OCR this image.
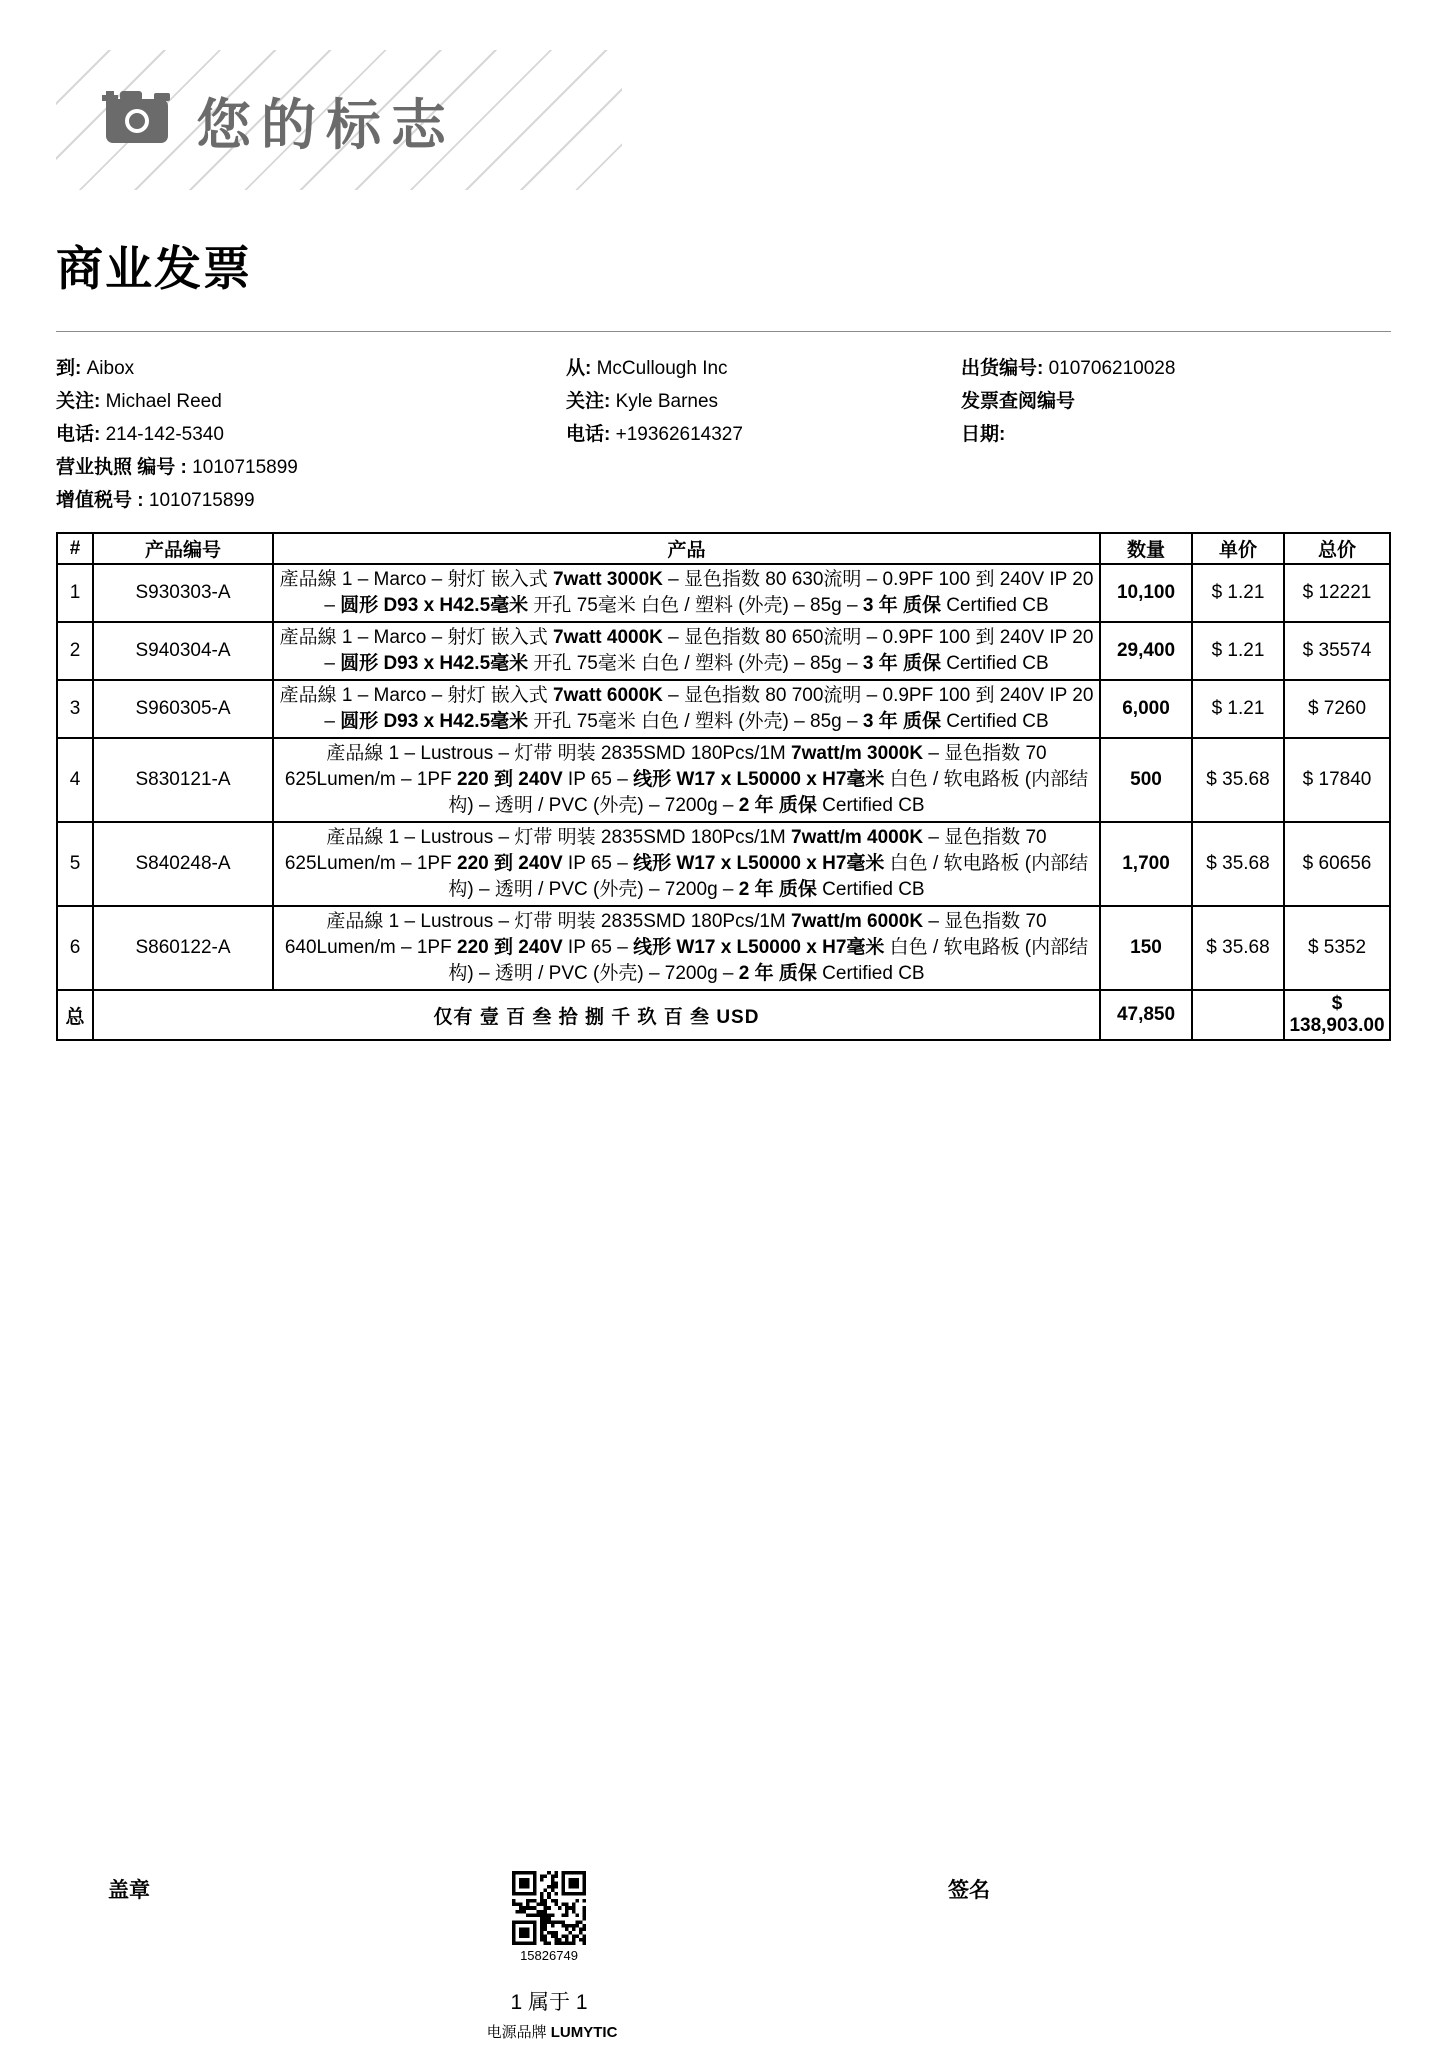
您的标志
商业发票
到: Aibox
关注: Michael Reed
电话: 214-142-5340
营业执照 编号 : 1010715899
增值税号 : 1010715899
从: McCullough Inc
关注: Kyle Barnes
电话: +19362614327
出货编号: 010706210028
发票查阅编号
日期:
#	产品编号	产品	数量	单价	总价
1	S930303-A	產品線 1 – Marco – 射灯 嵌入式 7watt 3000K – 显色指数 80 630流明 – 0.9PF 100 到 240V IP 20 – 圆形 D93 x H42.5毫米 开孔 75毫米 白色 / 塑料 (外壳) – 85g – 3 年 质保 Certified CB	10,100	$ 1.21	$ 12221
2	S940304-A	產品線 1 – Marco – 射灯 嵌入式 7watt 4000K – 显色指数 80 650流明 – 0.9PF 100 到 240V IP 20 – 圆形 D93 x H42.5毫米 开孔 75毫米 白色 / 塑料 (外壳) – 85g – 3 年 质保 Certified CB	29,400	$ 1.21	$ 35574
3	S960305-A	產品線 1 – Marco – 射灯 嵌入式 7watt 6000K – 显色指数 80 700流明 – 0.9PF 100 到 240V IP 20 – 圆形 D93 x H42.5毫米 开孔 75毫米 白色 / 塑料 (外壳) – 85g – 3 年 质保 Certified CB	6,000	$ 1.21	$ 7260
4	S830121-A	產品線 1 – Lustrous – 灯带 明装 2835SMD 180Pcs/1M 7watt/m 3000K – 显色指数 70 625Lumen/m – 1PF 220 到 240V IP 65 – 线形 W17 x L50000 x H7毫米 白色 / 软电路板 (内部结构) – 透明 / PVC (外壳) – 7200g – 2 年 质保 Certified CB	500	$ 35.68	$ 17840
5	S840248-A	產品線 1 – Lustrous – 灯带 明装 2835SMD 180Pcs/1M 7watt/m 4000K – 显色指数 70 625Lumen/m – 1PF 220 到 240V IP 65 – 线形 W17 x L50000 x H7毫米 白色 / 软电路板 (内部结构) – 透明 / PVC (外壳) – 7200g – 2 年 质保 Certified CB	1,700	$ 35.68	$ 60656
6	S860122-A	產品線 1 – Lustrous – 灯带 明装 2835SMD 180Pcs/1M 7watt/m 6000K – 显色指数 70 640Lumen/m – 1PF 220 到 240V IP 65 – 线形 W17 x L50000 x H7毫米 白色 / 软电路板 (内部结构) – 透明 / PVC (外壳) – 7200g – 2 年 质保 Certified CB	150	$ 35.68	$ 5352
总	仅有 壹 百 叁 拾 捌 千 玖 百 叁 USD		47,850		$ 138,903.00
盖章	签名
15826749
1 属于 1
电源品牌 LUMYTIC
